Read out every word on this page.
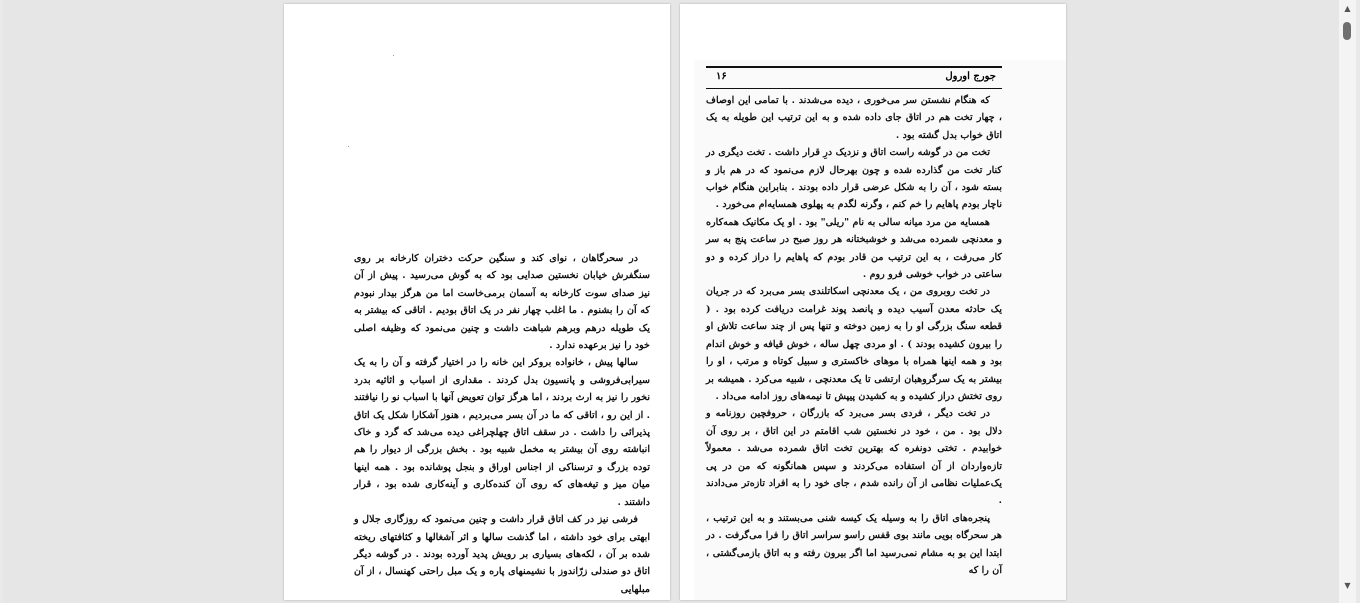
در سحرگاهان ، نوای کند و سنگین حرکت دختران کارخانه بر روی سنگفرش خیابان نخستین صدایی بود که به گوش می‌رسید . پیش از آن نیز صدای سوت کارخانه به آسمان برمی‌خاست اما من هرگز بیدار نبودم که آن را بشنوم . ما اغلب چهار نفر در یک اتاق بودیم . اتاقی که بیشتر به یک طویله درهم وبرهم شباهت داشت و چنین می‌نمود که وظیفه اصلی خود را نیز برعهده ندارد .

سالها پیش ، خانواده بروکر این خانه را در اختیار گرفته و آن را به یک سیرابی‌فروشی و پانسیون بدل کردند . مقداری از اسباب و اثاثیه بدرد نخور را نیز به ارث بردند ، اما هرگز توان تعویض آنها با اسباب نو را نیافتند . از این رو ، اتاقی که ما در آن بسر می‌بردیم ، هنوز آشکارا شکل یک اتاق پذیرائی را داشت . در سقف اتاق چهلچراغی دیده می‌شد که گرد و خاک انباشته روی آن بیشتر به مخمل شبیه بود . بخش بزرگی از دیوار را هم توده بزرگ و ترسناکی از اجناس اوراق و بنجل پوشانده بود . همه اینها میان میز و تیغه‌های که روی آن کنده‌کاری و آینه‌کاری شده بود ، قرار داشتند .

فرشی نیز در کف اتاق قرار داشت و چنین می‌نمود که روزگاری جلال و ابهتی برای خود داشته ، اما گذشت سالها و اثر آشغالها و کثافتهای ریخته شده بر آن ، لکه‌های بسیاری بر رویش پدید آورده بودند . در گوشه دیگر اتاق دو صندلی زرّاندوز با نشیمنهای پاره و یک مبل راحتی کهنسال ، از آن مبلهایی

جورج اورول
۱۶

که هنگام نشستن سر می‌خوری ، دیده می‌شدند . با تمامی این اوصاف ، چهار تخت هم در اتاق جای داده شده و به این ترتیب این طویله به یک اتاق خواب بدل گشته بود .

تخت من در گوشه راست اتاق و نزدیک درِ قرار داشت . تخت دیگری در کنار تخت من گذارده شده و چون بهرحال لازم می‌نمود که در هم باز و بسته شود ، آن را به شکل عرضی قرار داده بودند . بنابراین هنگام خواب ناچار بودم پاهایم را خم کنم ، وگرنه لگدم به پهلوی همسایه‌ام می‌خورد .

همسایه من مرد میانه سالی به نام "ریلی" بود . او یک مکانیک همه‌کاره و معدنچی شمرده می‌شد و خوشبختانه هر روز صبح در ساعت پنج به سر کار می‌رفت ، به این ترتیب من قادر بودم که پاهایم را دراز کرده و دو ساعتی در خواب خوشی فرو روم .

در تخت روبروی من ، یک معدنچی اسکاتلندی بسر می‌برد که در جریان یک حادثه معدن آسیب دیده و پانصد پوند غرامت دریافت کرده بود . ( قطعه سنگ بزرگی او را به زمین دوخته و تنها پس از چند ساعت تلاش او را بیرون کشیده بودند ) . او مردی چهل ساله ، خوش قیافه و خوش اندام بود و همه اینها همراه با موهای خاکستری و سبیل کوتاه و مرتب ، او را بیشتر به یک سرگروهبان ارتشی تا یک معدنچی ، شبیه می‌کرد . همیشه بر روی تختش دراز کشیده و به کشیدن پیپش تا نیمه‌های روز ادامه می‌داد .

در تخت دیگر ، فردی بسر می‌برد که بازرگان ، حروفچین روزنامه و دلال بود . من ، خود در نخستین شب اقامتم در این اتاق ، بر روی آن خوابیدم . تختی دونفره که بهترین تخت اتاق شمرده می‌شد . معمولاً تازه‌واردان از آن استفاده می‌کردند و سپس همانگونه که من در پی یک‌عملیات نظامی از آن رانده شدم ، جای خود را به افراد تازه‌تر می‌دادند .

پنجره‌های اتاق را به وسیله یک کیسه شنی می‌بستند و به این ترتیب ، هر سحرگاه بویی مانند بوی قفس راسو سراسر اتاق را فرا می‌گرفت . در ابتدا این بو به مشام نمی‌رسید اما اگر بیرون رفته و به اتاق بازمی‌گشتی ، آن را که

▲
▼
